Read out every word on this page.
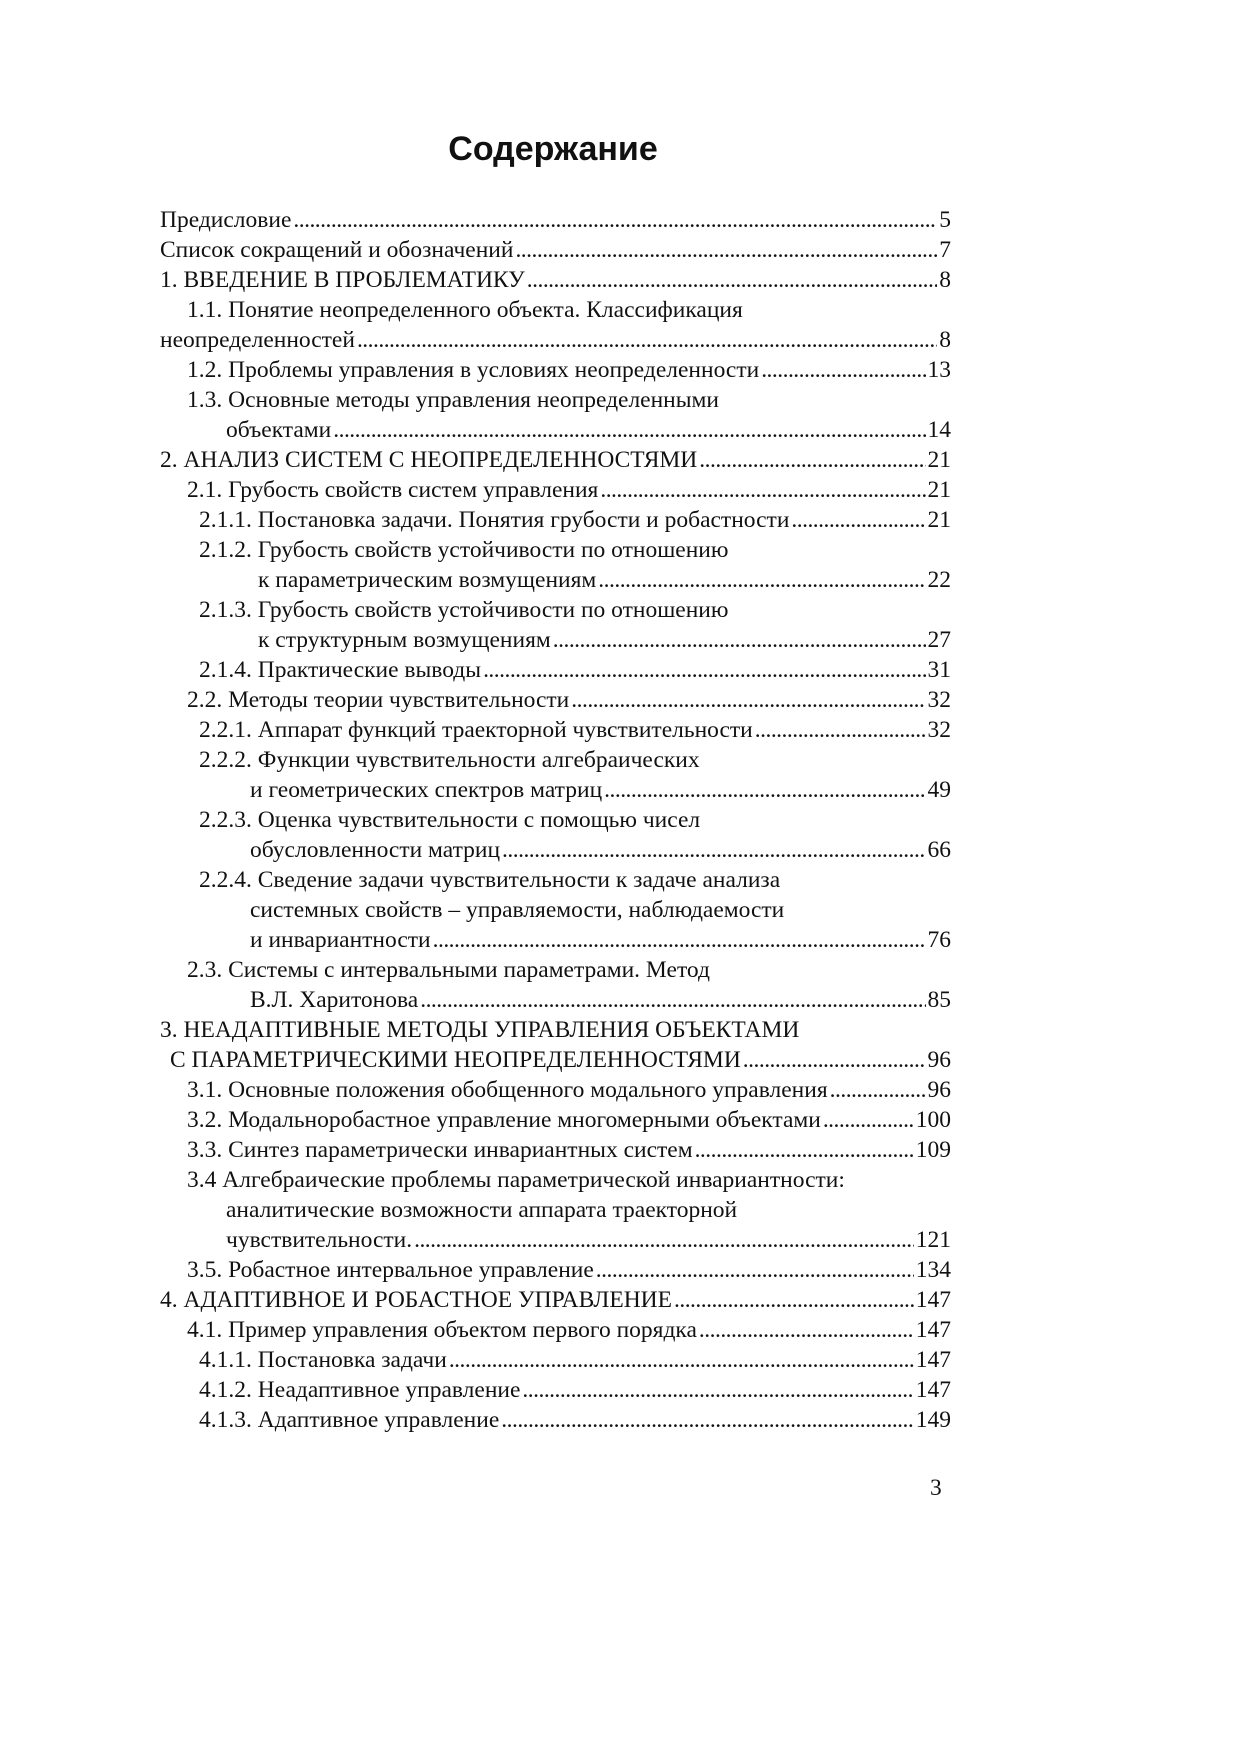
Содержание
Предисловие . . .	5
Список сокращений и обозначений . . .	7
1. ВВЕДЕНИЕ В ПРОБЛЕМАТИКУ . . .	8
1.1. Понятие неопределенного объекта. Классификация
неопределенностей . . .	8
1.2. Проблемы управления в условиях неопределенности . . .	13
1.3. Основные методы управления неопределенными
объектами . . .	14
2. АНАЛИЗ СИСТЕМ С НЕОПРЕДЕЛЕННОСТЯМИ . . .	21
2.1. Грубость свойств систем управления . . .	21
2.1.1. Постановка задачи. Понятия грубости и робастности . . .	21
2.1.2. Грубость свойств устойчивости по отношению
к параметрическим возмущениям . . .	22
2.1.3. Грубость свойств устойчивости по отношению
к структурным возмущениям . . .	27
2.1.4. Практические выводы . . .	31
2.2. Методы теории чувствительности . . .	32
2.2.1. Аппарат функций траекторной чувствительности . . .	32
2.2.2. Функции чувствительности алгебраических
и геометрических спектров матриц . . .	49
2.2.3. Оценка чувствительности с помощью чисел
обусловленности матриц . . .	66
2.2.4. Сведение задачи чувствительности к задаче анализа
системных свойств – управляемости, наблюдаемости
и инвариантности . . .	76
2.3. Системы с интервальными параметрами. Метод
В.Л. Харитонова . . .	85
3. НЕАДАПТИВНЫЕ МЕТОДЫ УПРАВЛЕНИЯ ОБЪЕКТАМИ
С ПАРАМЕТРИЧЕСКИМИ НЕОПРЕДЕЛЕННОСТЯМИ . . .	96
3.1. Основные положения обобщенного модального управления . . .	96
3.2. Модальноробастное управление многомерными объектами . . .	100
3.3. Синтез параметрически инвариантных систем . . .	109
3.4 Алгебраические проблемы параметрической инвариантности:
аналитические возможности аппарата траекторной
чувствительности. . . .	121
3.5. Робастное интервальное управление . . .	134
4. АДАПТИВНОЕ И РОБАСТНОЕ УПРАВЛЕНИЕ . . .	147
4.1. Пример управления объектом первого порядка . . .	147
4.1.1. Постановка задачи . . .	147
4.1.2. Неадаптивное управление . . .	147
4.1.3. Адаптивное управление . . .	149
3
